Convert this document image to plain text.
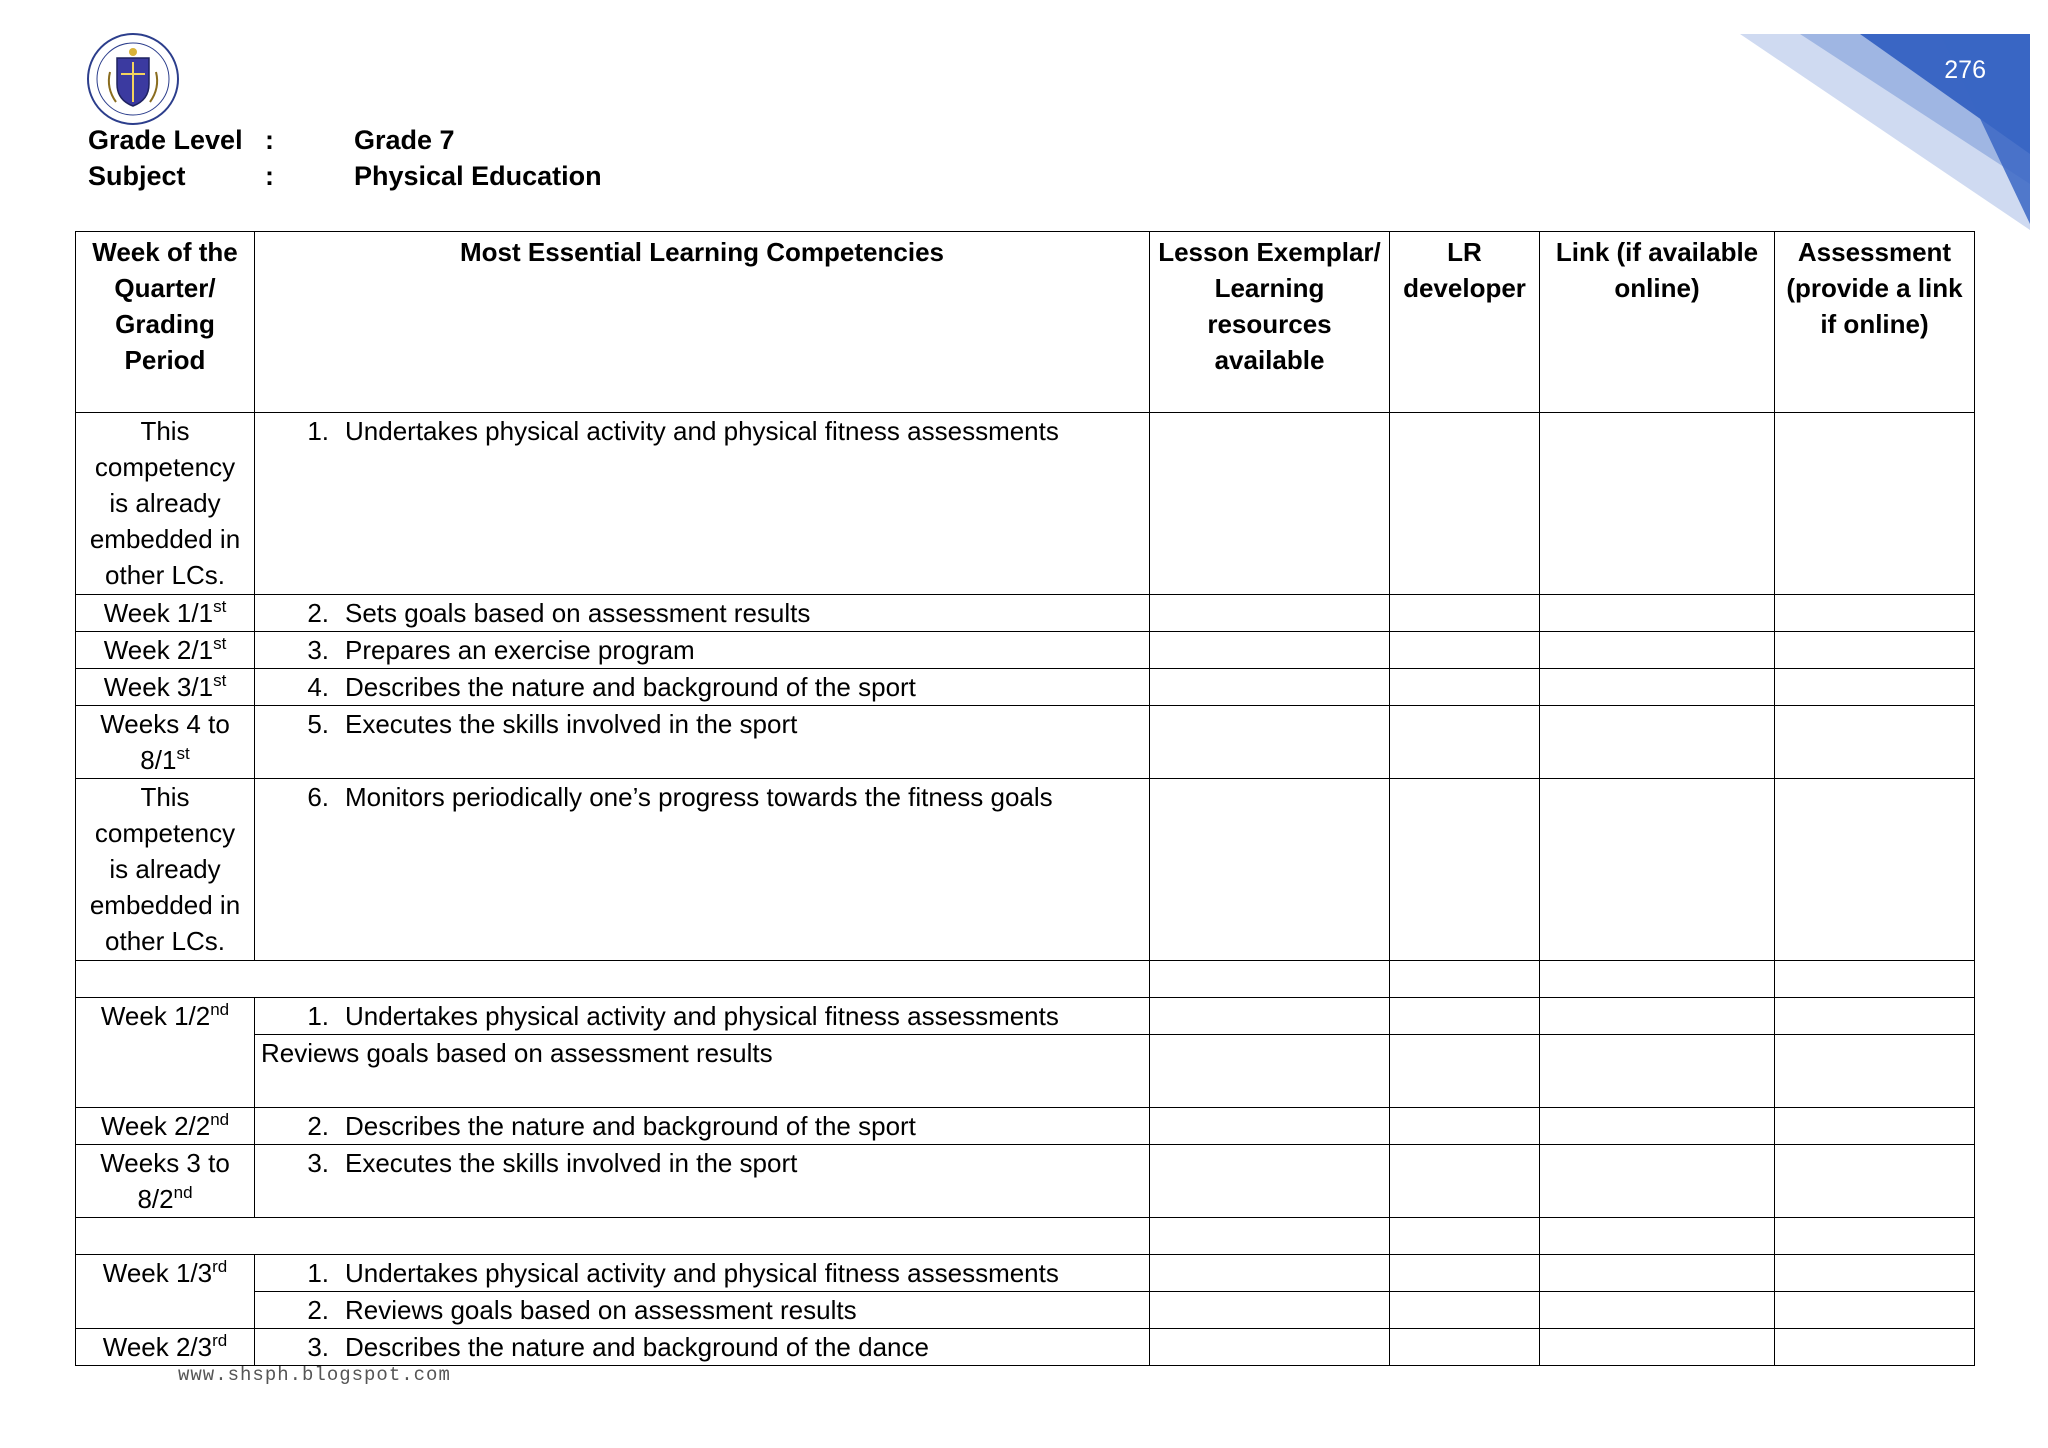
276
Grade Level :	Grade 7
Subject	:	Physical Education
Week of the Quarter/ Grading Period	Most Essential Learning Competencies	Lesson Exemplar/ Learning resources available	LR developer	Link (if available online)	Assessment (provide a link if online)
This competency is already embedded in other LCs.	1. Undertakes physical activity and physical fitness assessments				
Week 1/1st	2. Sets goals based on assessment results				
Week 2/1st	3. Prepares an exercise program				
Week 3/1st	4. Describes the nature and background of the sport				
Weeks 4 to 8/1st	5. Executes the skills involved in the sport				
This competency is already embedded in other LCs.	6. Monitors periodically one’s progress towards the fitness goals				

Week 1/2nd	1. Undertakes physical activity and physical fitness assessments				
	Reviews goals based on assessment results				
Week 2/2nd	2. Describes the nature and background of the sport				
Weeks 3 to 8/2nd	3. Executes the skills involved in the sport				

Week 1/3rd	1. Undertakes physical activity and physical fitness assessments				
	2. Reviews goals based on assessment results				
Week 2/3rd	3. Describes the nature and background of the dance				
www.shsph.blogspot.com
